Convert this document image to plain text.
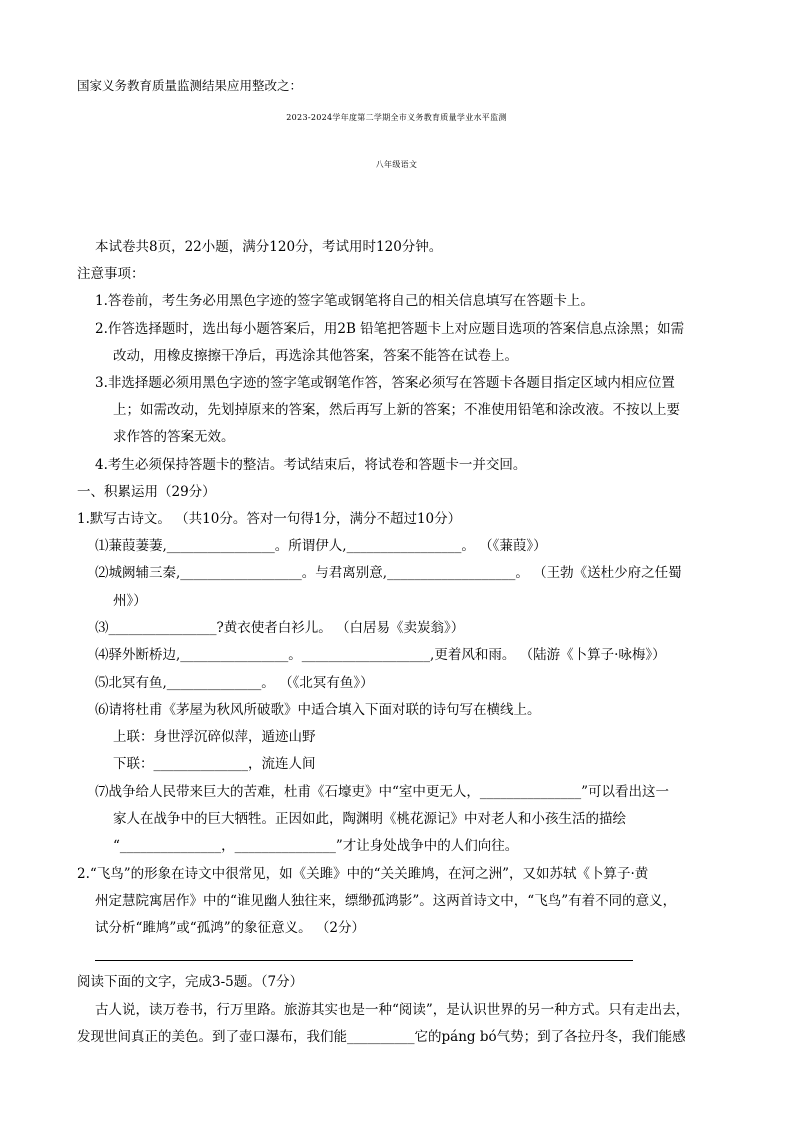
国家义务教育质量监测结果应用整改之：
2023-2024学年度第二学期全市义务教育质量学业水平监测
八年级语文
本试卷共8页，22小题，满分120分，考试用时120分钟。
注意事项：
1.答卷前，考生务必用黑色字迹的签字笔或钢笔将自己的相关信息填写在答题卡上。
2.作答选择题时，选出每小题答案后，用2B 铅笔把答题卡上对应题目选项的答案信息点涂黑；如需
改动，用橡皮擦擦干净后，再选涂其他答案，答案不能答在试卷上。
3.非选择题必须用黑色字迹的签字笔或钢笔作答，答案必须写在答题卡各题目指定区域内相应位置
上；如需改动，先划掉原来的答案，然后再写上新的答案；不准使用铅笔和涂改液。不按以上要
求作答的答案无效。
4.考生必须保持答题卡的整洁。考试结束后，将试卷和答题卡一并交回。
一、积累运用（29分）
1.默写古诗文。 （共10分。答对一句得1分，满分不超过10分）
⑴蒹葭萋萋,________________。所谓伊人,_________________。 （《蒹葭》）
⑵城阙辅三秦,__________________。与君离别意,___________________。 （王勃《送杜少府之任蜀
州》）
⑶________________?黄衣使者白衫儿。 （白居易《卖炭翁》）
⑷驿外断桥边,________________。___________________,更着风和雨。 （陆游《卜算子·咏梅》）
⑸北冥有鱼,______________。 （《北冥有鱼》）
⑹请将杜甫《茅屋为秋风所破歌》中适合填入下面对联的诗句写在横线上。
上联：身世浮沉碎似萍，遁迹山野
下联：______________，流连人间
⑺战争给人民带来巨大的苦难，杜甫《石壕吏》中“室中更无人，_______________”可以看出这一
家人在战争中的巨大牺牲。正因如此，陶渊明《桃花源记》中对老人和小孩生活的描绘
“_______________，_______________”才让身处战争中的人们向往。
2.“飞鸟”的形象在诗文中很常见，如《关雎》中的“关关雎鸠，在河之洲”，又如苏轼《卜算子·黄
州定慧院寓居作》中的“谁见幽人独往来，缥缈孤鸿影”。这两首诗文中，“飞鸟”有着不同的意义，
试分析“雎鸠”或“孤鸿”的象征意义。 （2分）
阅读下面的文字，完成3-5题。（7分）
古人说，读万卷书，行万里路。旅游其实也是一种“阅读”，是认识世界的另一种方式。只有走出去，
发现世间真正的美色。到了壶口瀑布，我们能__________它的páng bó气势；到了各拉丹冬，我们能感
